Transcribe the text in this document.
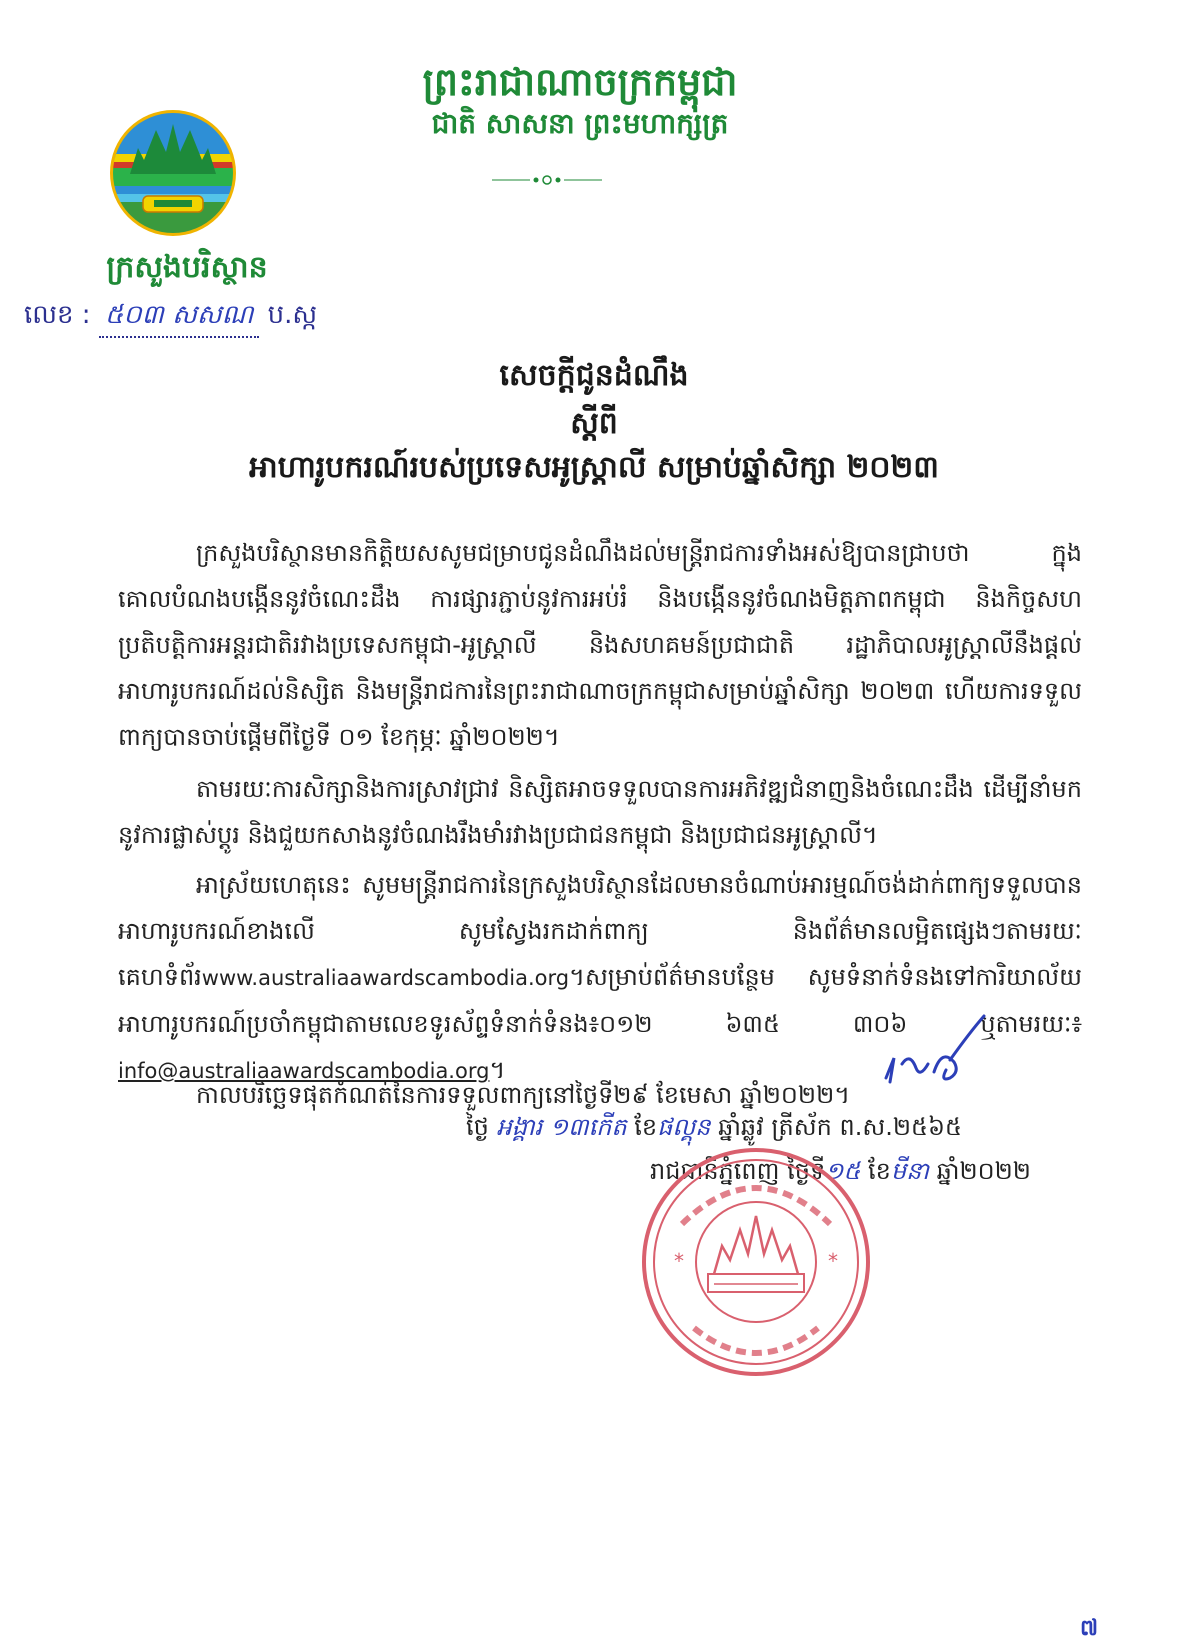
ព្រះរាជាណាចក្រកម្ពុជា
ជាតិ សាសនា ព្រះមហាក្សត្រ
ក្រសួងបរិស្ថាន
លេខ : ៥០៣ សសណ ប.ស្ក
សេចក្តីជូនដំណឹង
ស្តីពី
អាហារូបករណ៍របស់ប្រទេសអូស្ត្រាលី សម្រាប់ឆ្នាំសិក្សា ២០២៣
ក្រសួងបរិស្ថានមានកិត្តិយសសូមជម្រាបជូនដំណឹងដល់មន្ត្រីរាជការទាំងអស់ឱ្យបានជ្រាបថា ក្នុងគោលបំណងបង្កើននូវចំណេះដឹង ការផ្សារភ្ជាប់នូវការអប់រំ និងបង្កើននូវចំណងមិត្តភាពកម្ពុជា និងកិច្ចសហប្រតិបត្តិការអន្តរជាតិរវាងប្រទេសកម្ពុជា-អូស្ត្រាលី និងសហគមន៍ប្រជាជាតិ រដ្ឋាភិបាលអូស្ត្រាលីនឹងផ្តល់អាហារូបករណ៍ដល់និស្សិត និងមន្ត្រីរាជការនៃព្រះរាជាណាចក្រកម្ពុជាសម្រាប់ឆ្នាំសិក្សា ២០២៣ ហើយការទទួលពាក្យបានចាប់ផ្តើមពីថ្ងៃទី ០១ ខែកុម្ភៈ ឆ្នាំ២០២២។
តាមរយៈការសិក្សានិងការស្រាវជ្រាវ និស្សិតអាចទទួលបានការអភិវឌ្ឍជំនាញនិងចំណេះដឹង ដើម្បីនាំមកនូវការផ្លាស់ប្តូរ និងជួយកសាងនូវចំណងរឹងមាំរវាងប្រជាជនកម្ពុជា និងប្រជាជនអូស្ត្រាលី។
អាស្រ័យហេតុនេះ សូមមន្ត្រីរាជការនៃក្រសួងបរិស្ថានដែលមានចំណាប់អារម្មណ៍ចង់ដាក់ពាក្យទទួលបានអាហារូបករណ៍ខាងលើ សូមស្វែងរកដាក់ពាក្យ និងព័ត៌មានលម្អិតផ្សេងៗតាមរយៈគេហទំព័រwww.australiaawardscambodia.org។សម្រាប់ព័ត៌មានបន្ថែម សូមទំនាក់ទំនងទៅការិយាល័យអាហារូបករណ៍ប្រចាំកម្ពុជាតាមលេខទូរស័ព្ទទំនាក់ទំនង៖០១២ ៦៣៥ ៣០៦ ឬតាមរយៈ៖ info@australiaawardscambodia.org។
កាលបរិច្ឆេទផុតកំណត់នៃការទទួលពាក្យនៅថ្ងៃទី២៩ ខែមេសា ឆ្នាំ២០២២។
ថ្ងៃ អង្គារ ១៣កើត ខែផល្គុន ឆ្នាំឆ្លូវ ត្រីស័ក ព.ស.២៥៦៥
រាជធានីភ្នំពេញ ថ្ងៃទី១៥ ខែមីនា ឆ្នាំ២០២២
*	*
៧
